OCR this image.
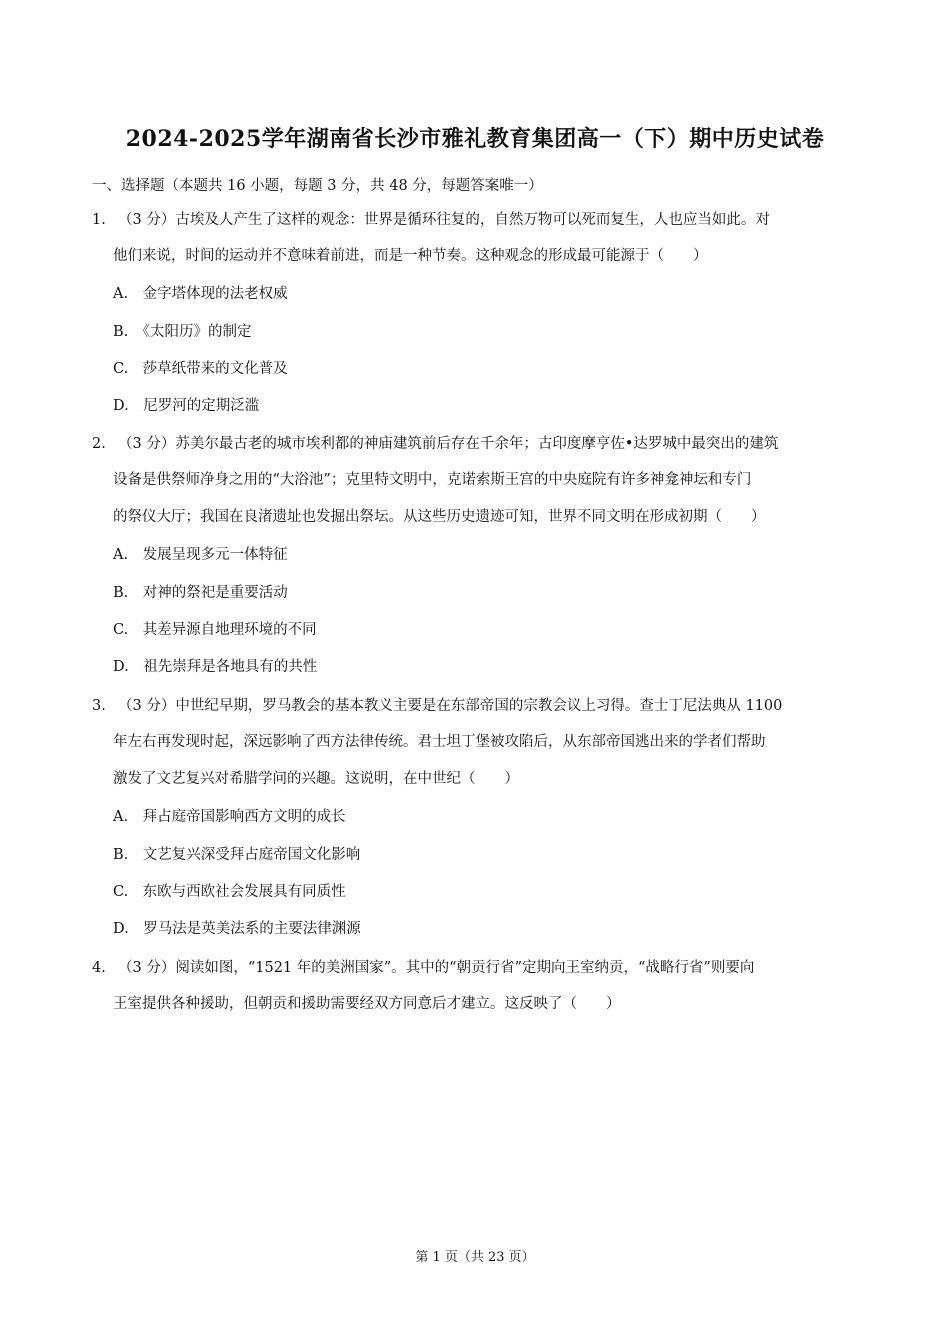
2024-2025学年湖南省长沙市雅礼教育集团高一（下）期中历史试卷
一、选择题（本题共 16 小题，每题 3 分，共 48 分，每题答案唯一）
1. （3 分）古埃及人产生了这样的观念：世界是循环往复的，自然万物可以死而复生，人也应当如此。对
他们来说，时间的运动并不意味着前进，而是一种节奏。这种观念的形成最可能源于（　　）
A.　金字塔体现的法老权威
B.　《太阳历》的制定
C.　莎草纸带来的文化普及
D.　尼罗河的定期泛滥
2. （3 分）苏美尔最古老的城市埃利都的神庙建筑前后存在千余年；古印度摩亨佐•达罗城中最突出的建筑
设备是供祭师净身之用的“大浴池”；克里特文明中，克诺索斯王宫的中央庭院有许多神龛神坛和专门
的祭仪大厅；我国在良渚遗址也发掘出祭坛。从这些历史遗迹可知，世界不同文明在形成初期（　　）
A.　发展呈现多元一体特征
B.　对神的祭祀是重要活动
C.　其差异源自地理环境的不同
D.　祖先崇拜是各地具有的共性
3. （3 分）中世纪早期，罗马教会的基本教义主要是在东部帝国的宗教会议上习得。查士丁尼法典从 1100
年左右再发现时起，深远影响了西方法律传统。君士坦丁堡被攻陷后，从东部帝国逃出来的学者们帮助
激发了文艺复兴对希腊学问的兴趣。这说明，在中世纪（　　）
A.　拜占庭帝国影响西方文明的成长
B.　文艺复兴深受拜占庭帝国文化影响
C.　东欧与西欧社会发展具有同质性
D.　罗马法是英美法系的主要法律渊源
4. （3 分）阅读如图，“1521 年的美洲国家”。其中的“朝贡行省”定期向王室纳贡，“战略行省”则要向
王室提供各种援助，但朝贡和援助需要经双方同意后才建立。这反映了（　　）
第 1 页（共 23 页）
